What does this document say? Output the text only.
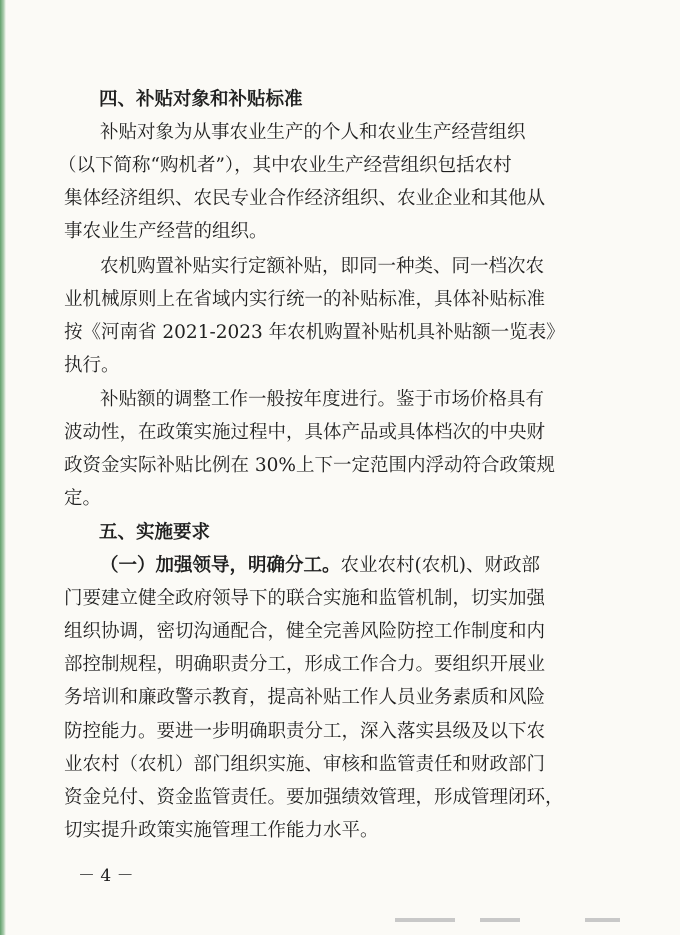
四、补贴对象和补贴标准
补贴对象为从事农业生产的个人和农业生产经营组织
（以下简称“购机者”），其中农业生产经营组织包括农村
集体经济组织、农民专业合作经济组织、农业企业和其他从
事农业生产经营的组织。
农机购置补贴实行定额补贴，即同一种类、同一档次农
业机械原则上在省域内实行统一的补贴标准，具体补贴标准
按《河南省 2021-2023 年农机购置补贴机具补贴额一览表》
执行。
补贴额的调整工作一般按年度进行。鉴于市场价格具有
波动性，在政策实施过程中，具体产品或具体档次的中央财
政资金实际补贴比例在 30%上下一定范围内浮动符合政策规
定。
五、实施要求
（一）加强领导，明确分工。农业农村(农机)、财政部
门要建立健全政府领导下的联合实施和监管机制，切实加强
组织协调，密切沟通配合，健全完善风险防控工作制度和内
部控制规程，明确职责分工，形成工作合力。要组织开展业
务培训和廉政警示教育，提高补贴工作人员业务素质和风险
防控能力。要进一步明确职责分工，深入落实县级及以下农
业农村（农机）部门组织实施、审核和监管责任和财政部门
资金兑付、资金监管责任。要加强绩效管理，形成管理闭环，
切实提升政策实施管理工作能力水平。
－ 4 －
